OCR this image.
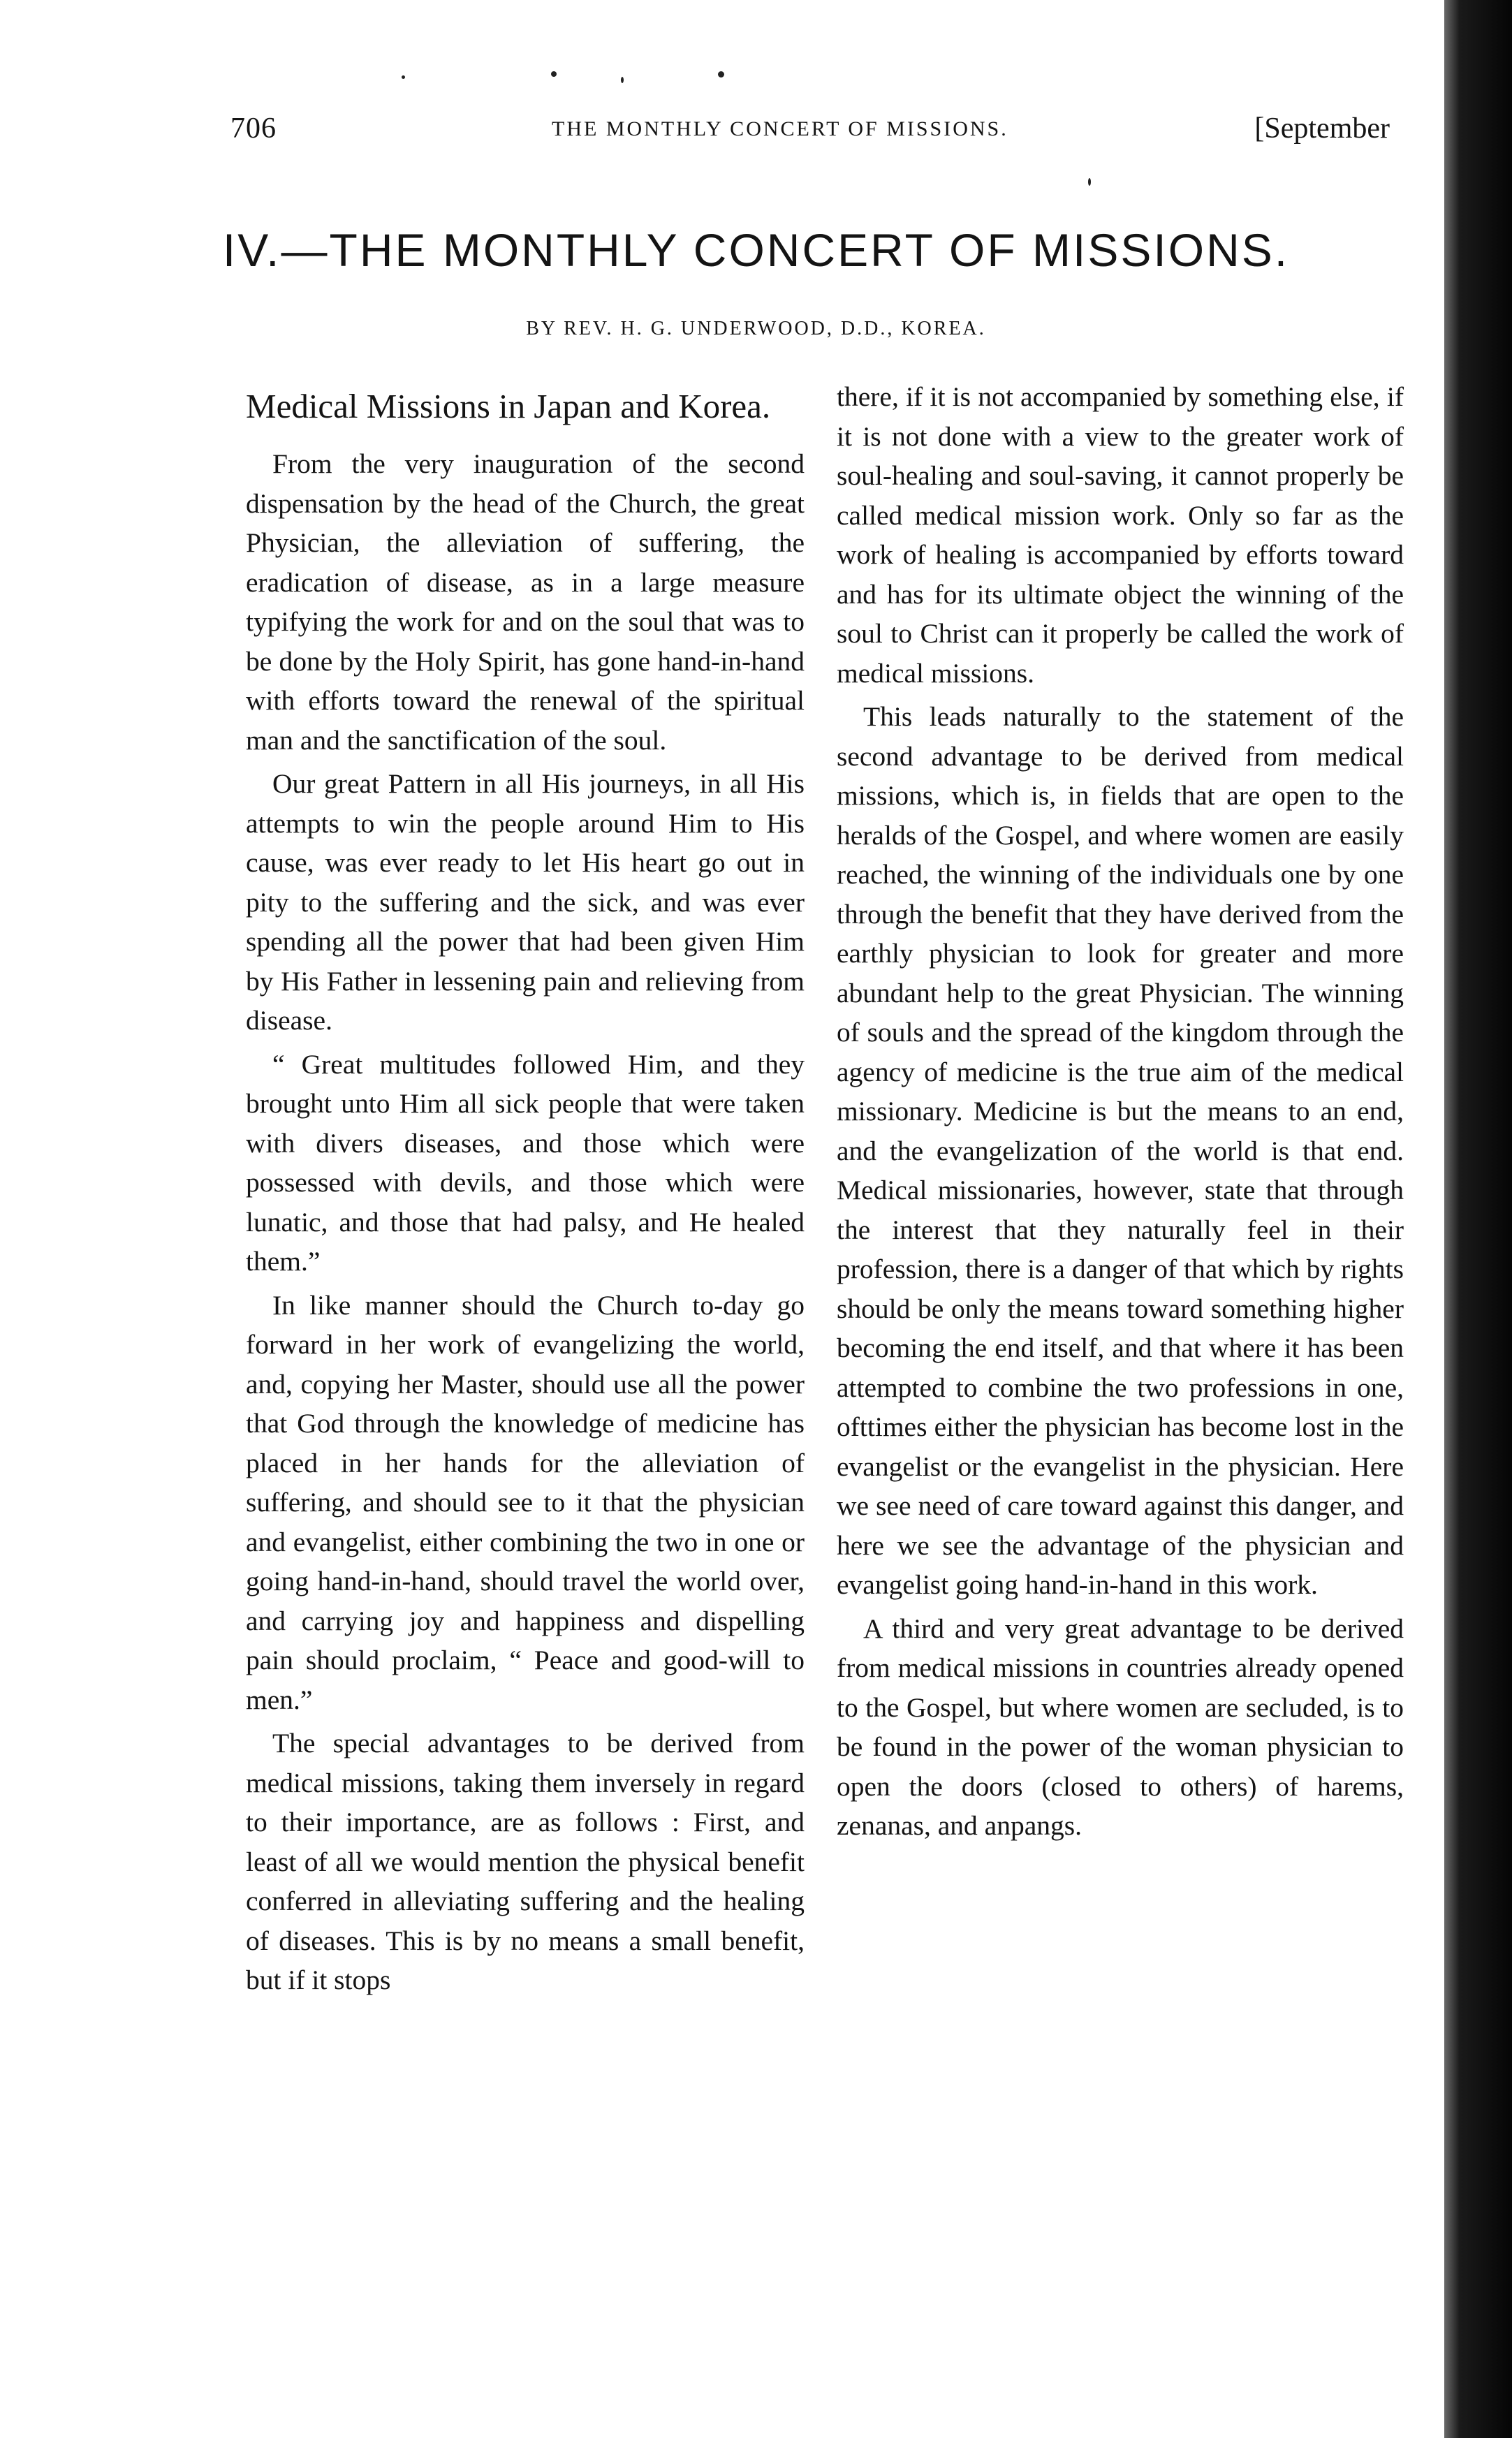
706	THE MONTHLY CONCERT OF MISSIONS.	[September
IV.—THE MONTHLY CONCERT OF MISSIONS.
BY REV. H. G. UNDERWOOD, D.D., KOREA.
Medical Missions in Japan and Korea.

From the very inauguration of the second dispensation by the head of the Church, the great Physician, the alleviation of suffering, the eradication of disease, as in a large measure typifying the work for and on the soul that was to be done by the Holy Spirit, has gone hand-in-hand with efforts toward the renewal of the spiritual man and the sanctification of the soul.

Our great Pattern in all His journeys, in all His attempts to win the people around Him to His cause, was ever ready to let His heart go out in pity to the suffering and the sick, and was ever spending all the power that had been given Him by His Father in lessening pain and relieving from disease.

“ Great multitudes followed Him, and they brought unto Him all sick people that were taken with divers diseases, and those which were possessed with devils, and those which were lunatic, and those that had palsy, and He healed them.”

In like manner should the Church to-day go forward in her work of evangelizing the world, and, copying her Master, should use all the power that God through the knowledge of medicine has placed in her hands for the alleviation of suffering, and should see to it that the physician and evangelist, either combining the two in one or going hand-in-hand, should travel the world over, and carrying joy and happiness and dispelling pain should proclaim, “ Peace and good-will to men.”

The special advantages to be derived from medical missions, taking them inversely in regard to their importance, are as follows : First, and least of all we would mention the physical benefit conferred in alleviating suffering and the healing of diseases. This is by no means a small benefit, but if it stops

there, if it is not accompanied by something else, if it is not done with a view to the greater work of soul-healing and soul-saving, it cannot properly be called medical mission work. Only so far as the work of healing is accompanied by efforts toward and has for its ultimate object the winning of the soul to Christ can it properly be called the work of medical missions.

This leads naturally to the statement of the second advantage to be derived from medical missions, which is, in fields that are open to the heralds of the Gospel, and where women are easily reached, the winning of the individuals one by one through the benefit that they have derived from the earthly physician to look for greater and more abundant help to the great Physician. The winning of souls and the spread of the kingdom through the agency of medicine is the true aim of the medical missionary. Medicine is but the means to an end, and the evangelization of the world is that end. Medical missionaries, however, state that through the interest that they naturally feel in their profession, there is a danger of that which by rights should be only the means toward something higher becoming the end itself, and that where it has been attempted to combine the two professions in one, ofttimes either the physician has become lost in the evangelist or the evangelist in the physician. Here we see need of care toward against this danger, and here we see the advantage of the physician and evangelist going hand-in-hand in this work.

A third and very great advantage to be derived from medical missions in countries already opened to the Gospel, but where women are secluded, is to be found in the power of the woman physician to open the doors (closed to others) of harems, zenanas, and anpangs.
